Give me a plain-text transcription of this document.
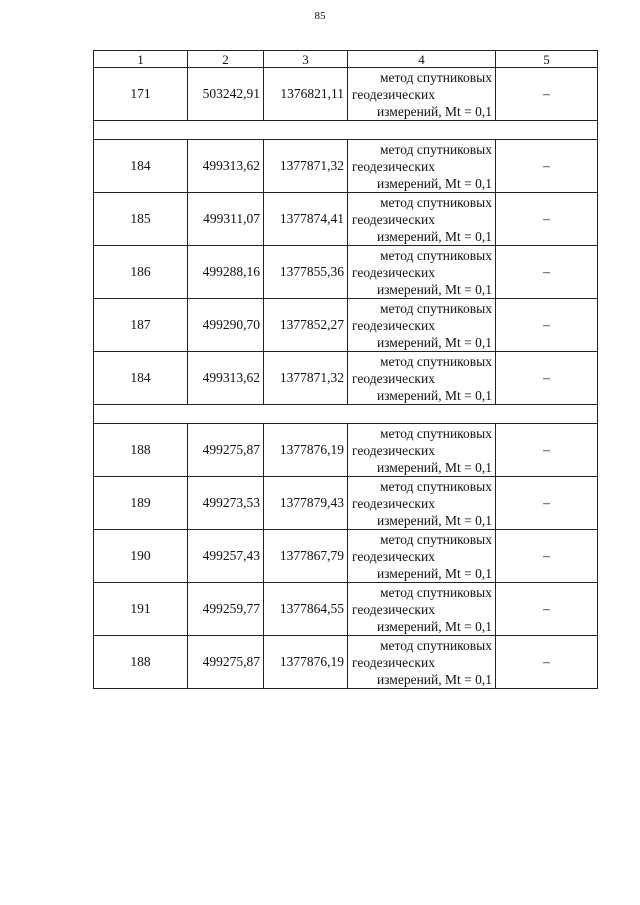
85
1	2	3	4	5
171	503242,91	1376821,11	метод спутниковых
геодезических
измерений, Mt = 0,1	–

184	499313,62	1377871,32	метод спутниковых
геодезических
измерений, Mt = 0,1	–
185	499311,07	1377874,41	метод спутниковых
геодезических
измерений, Mt = 0,1	–
186	499288,16	1377855,36	метод спутниковых
геодезических
измерений, Mt = 0,1	–
187	499290,70	1377852,27	метод спутниковых
геодезических
измерений, Mt = 0,1	–
184	499313,62	1377871,32	метод спутниковых
геодезических
измерений, Mt = 0,1	–

188	499275,87	1377876,19	метод спутниковых
геодезических
измерений, Mt = 0,1	–
189	499273,53	1377879,43	метод спутниковых
геодезических
измерений, Mt = 0,1	–
190	499257,43	1377867,79	метод спутниковых
геодезических
измерений, Mt = 0,1	–
191	499259,77	1377864,55	метод спутниковых
геодезических
измерений, Mt = 0,1	–
188	499275,87	1377876,19	метод спутниковых
геодезических
измерений, Mt = 0,1	–
